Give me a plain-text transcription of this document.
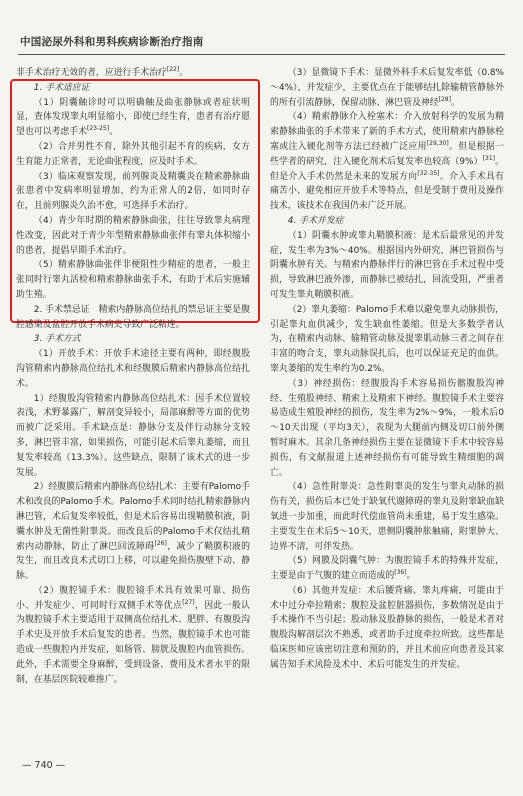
中国泌尿外科和男科疾病诊断治疗指南

非手术治疗无效的者，应进行手术治疗[22]。

1. 手术适应证

（1）阴囊触诊时可以明确触及曲张静脉或者症状明显，查体发现睾丸明显缩小，即使已经生育，患者有治疗愿望也可以考虑手术[23-25]。

（2）合并男性不育，除外其他引起不育的疾病，女方生育能力正常者，无论曲张程度，应及时手术。

（3）临床观察发现，前列腺炎及精囊炎在精索静脉曲张患者中发病率明显增加，约为正常人的2倍，如同时存在，且前列腺炎久治不愈，可选择手术治疗。

（4）青少年时期的精索静脉曲张，往往导致睾丸病理性改变，因此对于青少年型精索静脉曲张伴有睾丸体积缩小的患者，提倡早期手术治疗。

（5）精索静脉曲张伴非梗阻性少精症的患者，一般主张同时行睾丸活检和精索静脉曲张手术，有助于术后实施辅助生殖。

2. 手术禁忌证　精索内静脉高位结扎的禁忌证主要是腹腔感染及盆腔开放手术病史导致广泛粘连。

3. 手术方式

（1）开放手术：开放手术途径主要有两种，即经腹股沟管精索内静脉高位结扎术和经腹膜后精索内静脉高位结扎术。

1）经腹股沟管精索内静脉高位结扎术：因手术位置较表浅，术野暴露广，解剖变异较小，局部麻醉等方面的优势而被广泛采用。手术缺点是：静脉分支及伴行动脉分支较多，淋巴管丰富，如果损伤，可能引起术后睾丸萎缩，而且复发率较高（13.3%）。这些缺点，限制了该术式的进一步发展。

2）经腹膜后精索内静脉高位结扎术：主要有Palomo手术和改良的Palomo手术。Palomo手术同时结扎精索静脉内淋巴管，术后复发率较低，但是术后容易出现鞘膜积液，阴囊水肿及无菌性附睾炎。而改良后的Palomo手术仅结扎精索内动静脉，防止了淋巴回流障碍[26]，减少了鞘膜积液的发生，而且改良术式切口上移，可以避免损伤腹壁下动、静脉。

（2）腹腔镜手术：腹腔镜手术具有效果可靠、损伤小、并发症少、可同时行双侧手术等优点[27]，因此一般认为腹腔镜手术主要适用于双侧高位结扎术、肥胖、有腹股沟手术史及开放手术后复发的患者。当然，腹腔镜手术也可能造成一些腹腔内并发症，如肠管、膀胱及腹腔内血管损伤。此外，手术需要全身麻醉，受到设备、费用及术者水平的限制，在基层医院较难推广。

（3）显微镜下手术：显微外科手术后复发率低（0.8%～4%），并发症少，主要优点在于能够结扎除输精管静脉外的所有引流静脉，保留动脉、淋巴管及神经[28]。

（4）精索静脉介入栓塞术：介入放射科学的发展为精索静脉曲张的手术带来了新的手术方式，使用精索内静脉栓塞或注入硬化剂等方法已经被广泛应用[29,30]。但是根据一些学者的研究，注入硬化剂术后复发率也较高（9%）[31]。但是介入手术仍然是未来的发展方向[32-35]。介入手术具有痛苦小、避免相应开放手术等特点，但是受制于费用及操作技术，该技术在我国仍未广泛开展。

4. 手术并发症

（1）阴囊水肿或睾丸鞘膜积液：是术后最常见的并发症，发生率为3%～40%。根据国内外研究，淋巴管损伤与阴囊水肿有关。与精索内静脉伴行的淋巴管在手术过程中受损，导致淋巴液外渗，而静脉已被结扎，回流受阻，严重者可发生睾丸鞘膜积液。

（2）睾丸萎缩：Palomo手术难以避免睾丸动脉损伤，引起睾丸血供减少，发生缺血性萎缩。但是大多数学者认为，在精索内动脉、输精管动脉及提睾肌动脉三者之间存在丰富的吻合支，睾丸动脉误扎后，也可以保证充足的血供。睾丸萎缩的发生率约为0.2%。

（3）神经损伤：经腹股沟手术容易损伤髂腹股沟神经、生殖股神经、精索上及精索下神经。腹腔镜手术主要容易造成生殖股神经的损伤，发生率为2%～9%，一般术后0～10天出现（平均3天），表现为大腿前内侧及切口前外侧暂时麻木。其余几条神经损伤主要在显微镜下手术中较容易损伤，有文献报道上述神经损伤有可能导致生精细胞的凋亡。

（4）急性附睾炎：急性附睾炎的发生与睾丸动脉的损伤有关，损伤后本已处于缺氧代谢障碍的睾丸及附睾缺血缺氧进一步加重，而此时代偿血管尚未重建，易于发生感染。主要发生在术后5～10天，患侧阴囊肿胀触痛，附睾肿大、边界不清，可伴发热。

（5）网膜及阴囊气肿：为腹腔镜手术的特殊并发症，主要是由于气腹的建立而造成的[36]。

（6）其他并发症：术后腰背痛、睾丸疼痛，可能由于术中过分牵拉精索；腹腔及盆腔脏器损伤，多数情况是由于手术操作不当引起；股动脉及股静脉的损伤，一般是术者对腹股沟解剖层次不熟悉，或者助手过度牵拉所致。这些都是临床医师应该密切注意和预防的，并且术前应向患者及其家属告知手术风险及术中、术后可能发生的并发症。

— 740 —
